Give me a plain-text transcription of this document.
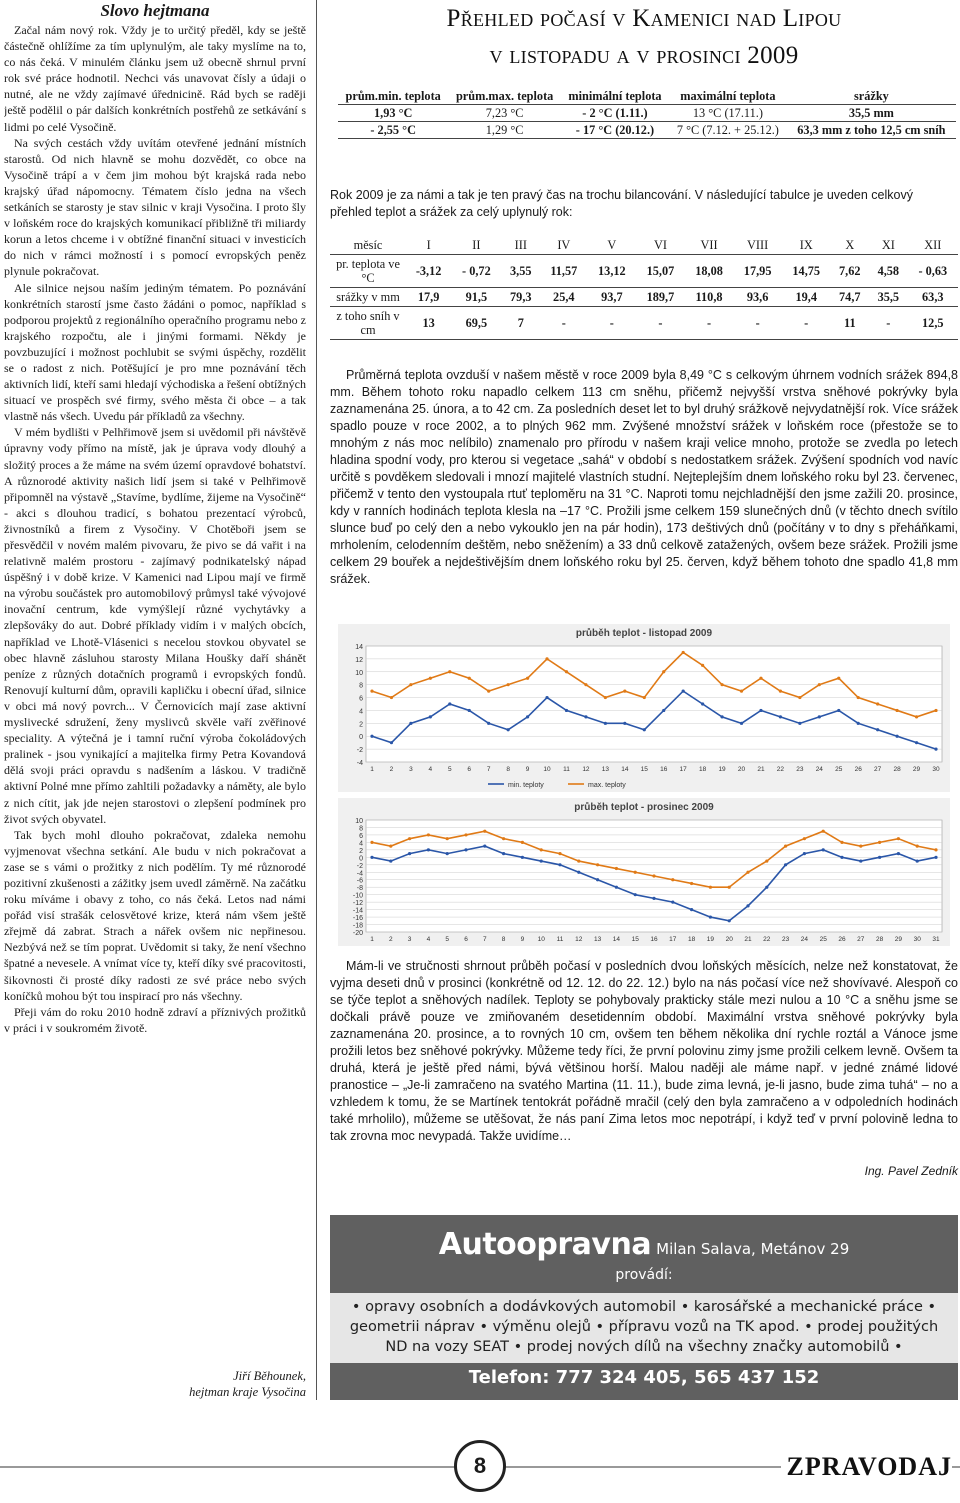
Slovo hejtmana

Začal nám nový rok. Vždy je to určitý předěl, kdy se ještě částečně ohlížíme za tím uplynulým, ale taky myslíme na to, co nás čeká. V minulém článku jsem už obecně shrnul první rok své práce hodnotil. Nechci vás unavovat čísly a údaji o nutné, ale ne vždy zajímavé úřednicině. Rád bych se raději ještě podělil o pár dalších konkrétních postřehů ze setkávání s lidmi po celé Vysočině.

Na svých cestách vždy uvítám otevřené jednání místních starostů. Od nich hlavně se mohu dozvědět, co obce na Vysočině trápí a v čem jim mohou být krajská rada nebo krajský úřad nápomocny. Tématem číslo jedna na všech setkáních se starosty je stav silnic v kraji Vysočina. I proto šly v loňském roce do krajských komunikací přibližně tři miliardy korun a letos chceme i v obtížné finanční situaci v investicích do nich v rámci možností i s pomocí evropských peněz plynule pokračovat.

Ale silnice nejsou naším jediným tématem. Po poznávání konkrétních starostí jsme často žádáni o pomoc, například s podporou projektů z regionálního operačního programu nebo z krajského rozpočtu, ale i jinými formami. Někdy je povzbuzující i možnost pochlubit se svými úspěchy, rozdělit se o radost z nich. Potěšující je pro mne poznávání těch aktivních lidí, kteří sami hledají východiska a řešení obtížných situací ve prospěch své firmy, svého města či obce – a tak vlastně nás všech. Uvedu pár příkladů za všechny.

V mém bydlišti v Pelhřimově jsem si uvědomil při návštěvě úpravny vody přímo na místě, jak je úprava vody dlouhý a složitý proces a že máme na svém území opravdové bohatství. A různorodé aktivity našich lidí jsem si také v Pelhřimově připomněl na výstavě „Stavíme, bydlíme, žijeme na Vysočině“ - akci s dlouhou tradicí, s bohatou prezentací výrobců, živnostníků a firem z Vysočiny. V Chotěboři jsem se přesvědčil v novém malém pivovaru, že pivo se dá vařit i na relativně malém prostoru - zajímavý podnikatelský nápad úspěšný i v době krize. V Kamenici nad Lipou mají ve firmě na výrobu součástek pro automobilový průmysl také vývojové inovační centrum, kde vymýšlejí různé vychytávky a zlepšováky do aut. Dobré příklady vidím i v malých obcích, například ve Lhotě-Vlásenici s necelou stovkou obyvatel se obec hlavně zásluhou starosty Milana Houšky daří shánět peníze z různých dotačních programů i evropských fondů. Renovují kulturní dům, opravili kapličku i obecní úřad, silnice v obci má nový povrch... V Černovicích mají zase aktivní myslivecké sdružení, ženy myslivců skvěle vaří zvěřinové speciality. A výtečná je i tamní ruční výroba čokoládových pralinek - jsou vynikající a majitelka firmy Petra Kovandová dělá svoji práci opravdu s nadšením a láskou. V tradičně aktivní Polné mne přímo zahltili požadavky a náměty, ale bylo z nich cítit, jak jde nejen starostovi o zlepšení podmínek pro život svých obyvatel.

Tak bych mohl dlouho pokračovat, zdaleka nemohu vyjmenovat všechna setkání. Ale budu v nich pokračovat a zase se s vámi o prožitky z nich podělím. Ty mé různorodé pozitivní zkušenosti a zážitky jsem uvedl záměrně. Na začátku roku míváme i obavy z toho, co nás čeká. Letos nad námi pořád visí strašák celosvětové krize, která nám všem ještě zřejmě dá zabrat. Strach a nářek ovšem nic nepřinesou. Nezbývá než se tím poprat. Uvědomit si taky, že není všechno špatné a nevesele. A vnímat více ty, kteří díky své pracovitosti, šikovnosti či prosté díky radosti ze své práce nebo svých koníčků mohou být tou inspirací pro nás všechny.

Přeji vám do roku 2010 hodně zdraví a příznivých prožitků v práci i v soukromém životě.

Jiří Běhounek,
hejtman kraje Vysočina
Přehled počasí v Kamenici nad Lipou
v listopadu a v prosinci 2009
prům.min. teplota	prům.max. teplota	minimální teplota	maximální teplota	srážky
1,93 °C	7,23 °C	- 2 °C (1.11.)	13 °C (17.11.)	35,5 mm
- 2,55 °C	1,29 °C	- 17 °C (20.12.)	7 °C (7.12. + 25.12.)	63,3 mm z toho 12,5 cm sníh
Rok 2009 je za námi a tak je ten pravý čas na trochu bilancování. V následující tabulce je uveden celkový přehled teplot a srážek za celý uplynulý rok:
měsíc	I	II	III	IV	V	VI	VII	VIII	IX	X	XI	XII
pr. teplota ve °C	-3,12	- 0,72	3,55	11,57	13,12	15,07	18,08	17,95	14,75	7,62	4,58	- 0,63
srážky v mm	17,9	91,5	79,3	25,4	93,7	189,7	110,8	93,6	19,4	74,7	35,5	63,3
z toho sníh v cm	13	69,5	7	-	-	-	-	-	-	11	-	12,5
Průměrná teplota ovzduší v našem městě v roce 2009 byla 8,49 °C s celkovým úhrnem vodních srážek 894,8 mm. Během tohoto roku napadlo celkem 113 cm sněhu, přičemž nejvyšší vrstva sněhové pokrývky byla zaznamenána 25. února, a to 42 cm. Za posledních deset let to byl druhý srážkově nejvydatnější rok. Více srážek spadlo pouze v roce 2002, a to plných 962 mm. Zvýšené množství srážek v loňském roce (přestože se to mnohým z nás moc nelíbilo) znamenalo pro přírodu v našem kraji velice mnoho, protože se zvedla po letech hladina spodní vody, pro kterou si vegetace „sahá“ v období s nedostatkem srážek. Zvýšení spodních vod navíc určitě s povděkem sledovali i mnozí majitelé vlastních studní. Nejteplejším dnem loňského roku byl 23. červenec, přičemž v tento den vystoupala rtuť teploměru na 31 °C. Naproti tomu nejchladnější den jsme zažili 20. prosince, kdy v ranních hodinách teplota klesla na –17 °C. Prožili jsme celkem 159 slunečných dnů (v těchto dnech svítilo slunce buď po celý den a nebo vykouklo jen na pár hodin), 173 deštivých dnů (počítány v to dny s přeháňkami, mrholením, celodenním deštěm, nebo sněžením) a 33 dnů celkově zatažených, ovšem beze srážek. Prožili jsme celkem 29 bouřek a nejdeštivějším dnem loňského roku byl 25. červen, když během tohoto dne spadlo 41,8 mm srážek.
průběh teplot - listopad 2009
-4
-2
0
2
4
6
8
10
12
14
1 2 3 4 5 6 7 8 9 10 11 12 13 14 15 16 17 18 19 20 21 22 23 24 25 26 27 28 29 30
min. teploty	max. teploty
průběh teplot - prosinec 2009
-20
-18
-16
-14
-12
-10
-8
-6
-4
-2
0
2
4
6
8
10
1 2 3 4 5 6 7 8 9 10 11 12 13 14 15 16 17 18 19 20 21 22 23 24 25 26 27 28 29 30 31
Mám-li ve stručnosti shrnout průběh počasí v posledních dvou loňských měsících, nelze než konstatovat, že vyjma deseti dnů v prosinci (konkrétně od 12. 12. do 22. 12.) bylo na nás počasí více než shovívavé. Alespoň co se týče teplot a sněhových nadílek. Teploty se pohybovaly prakticky stále mezi nulou a 10 °C a sněhu jsme se dočkali právě pouze ve zmiňovaném desetidenním období. Maximální vrstva sněhové pokrývky byla zaznamenána 20. prosince, a to rovných 10 cm, ovšem ten během několika dní rychle roztál a Vánoce jsme prožili letos bez sněhové pokrývky. Můžeme tedy říci, že první polovinu zimy jsme prožili celkem levně. Ovšem ta druhá, která je ještě před námi, bývá většinou horší. Malou naději ale máme např. v jedné známé lidové pranostice – „Je-li zamračeno na svatého Martina (11. 11.), bude zima levná, je-li jasno, bude zima tuhá“ – no a vzhledem k tomu, že se Martínek tentokrát pořádně mračil (celý den byla zamračeno a v odpoledních hodinách také mrholilo), můžeme se utěšovat, že nás paní Zima letos moc nepotrápí, i když teď v první polovině ledna to tak zrovna moc nevypadá. Takže uvidíme…
Ing. Pavel Zedník
Autoopravna Milan Salava, Metánov 29
provádí:
• opravy osobních a dodávkových automobil • karosářské a mechanické práce •
geometrii náprav • výměnu olejů • přípravu vozů na TK apod. • prodej použitých
ND na vozy SEAT • prodej nových dílů na všechny značky automobilů •
Telefon: 777 324 405, 565 437 152
8	ZPRAVODAJ
